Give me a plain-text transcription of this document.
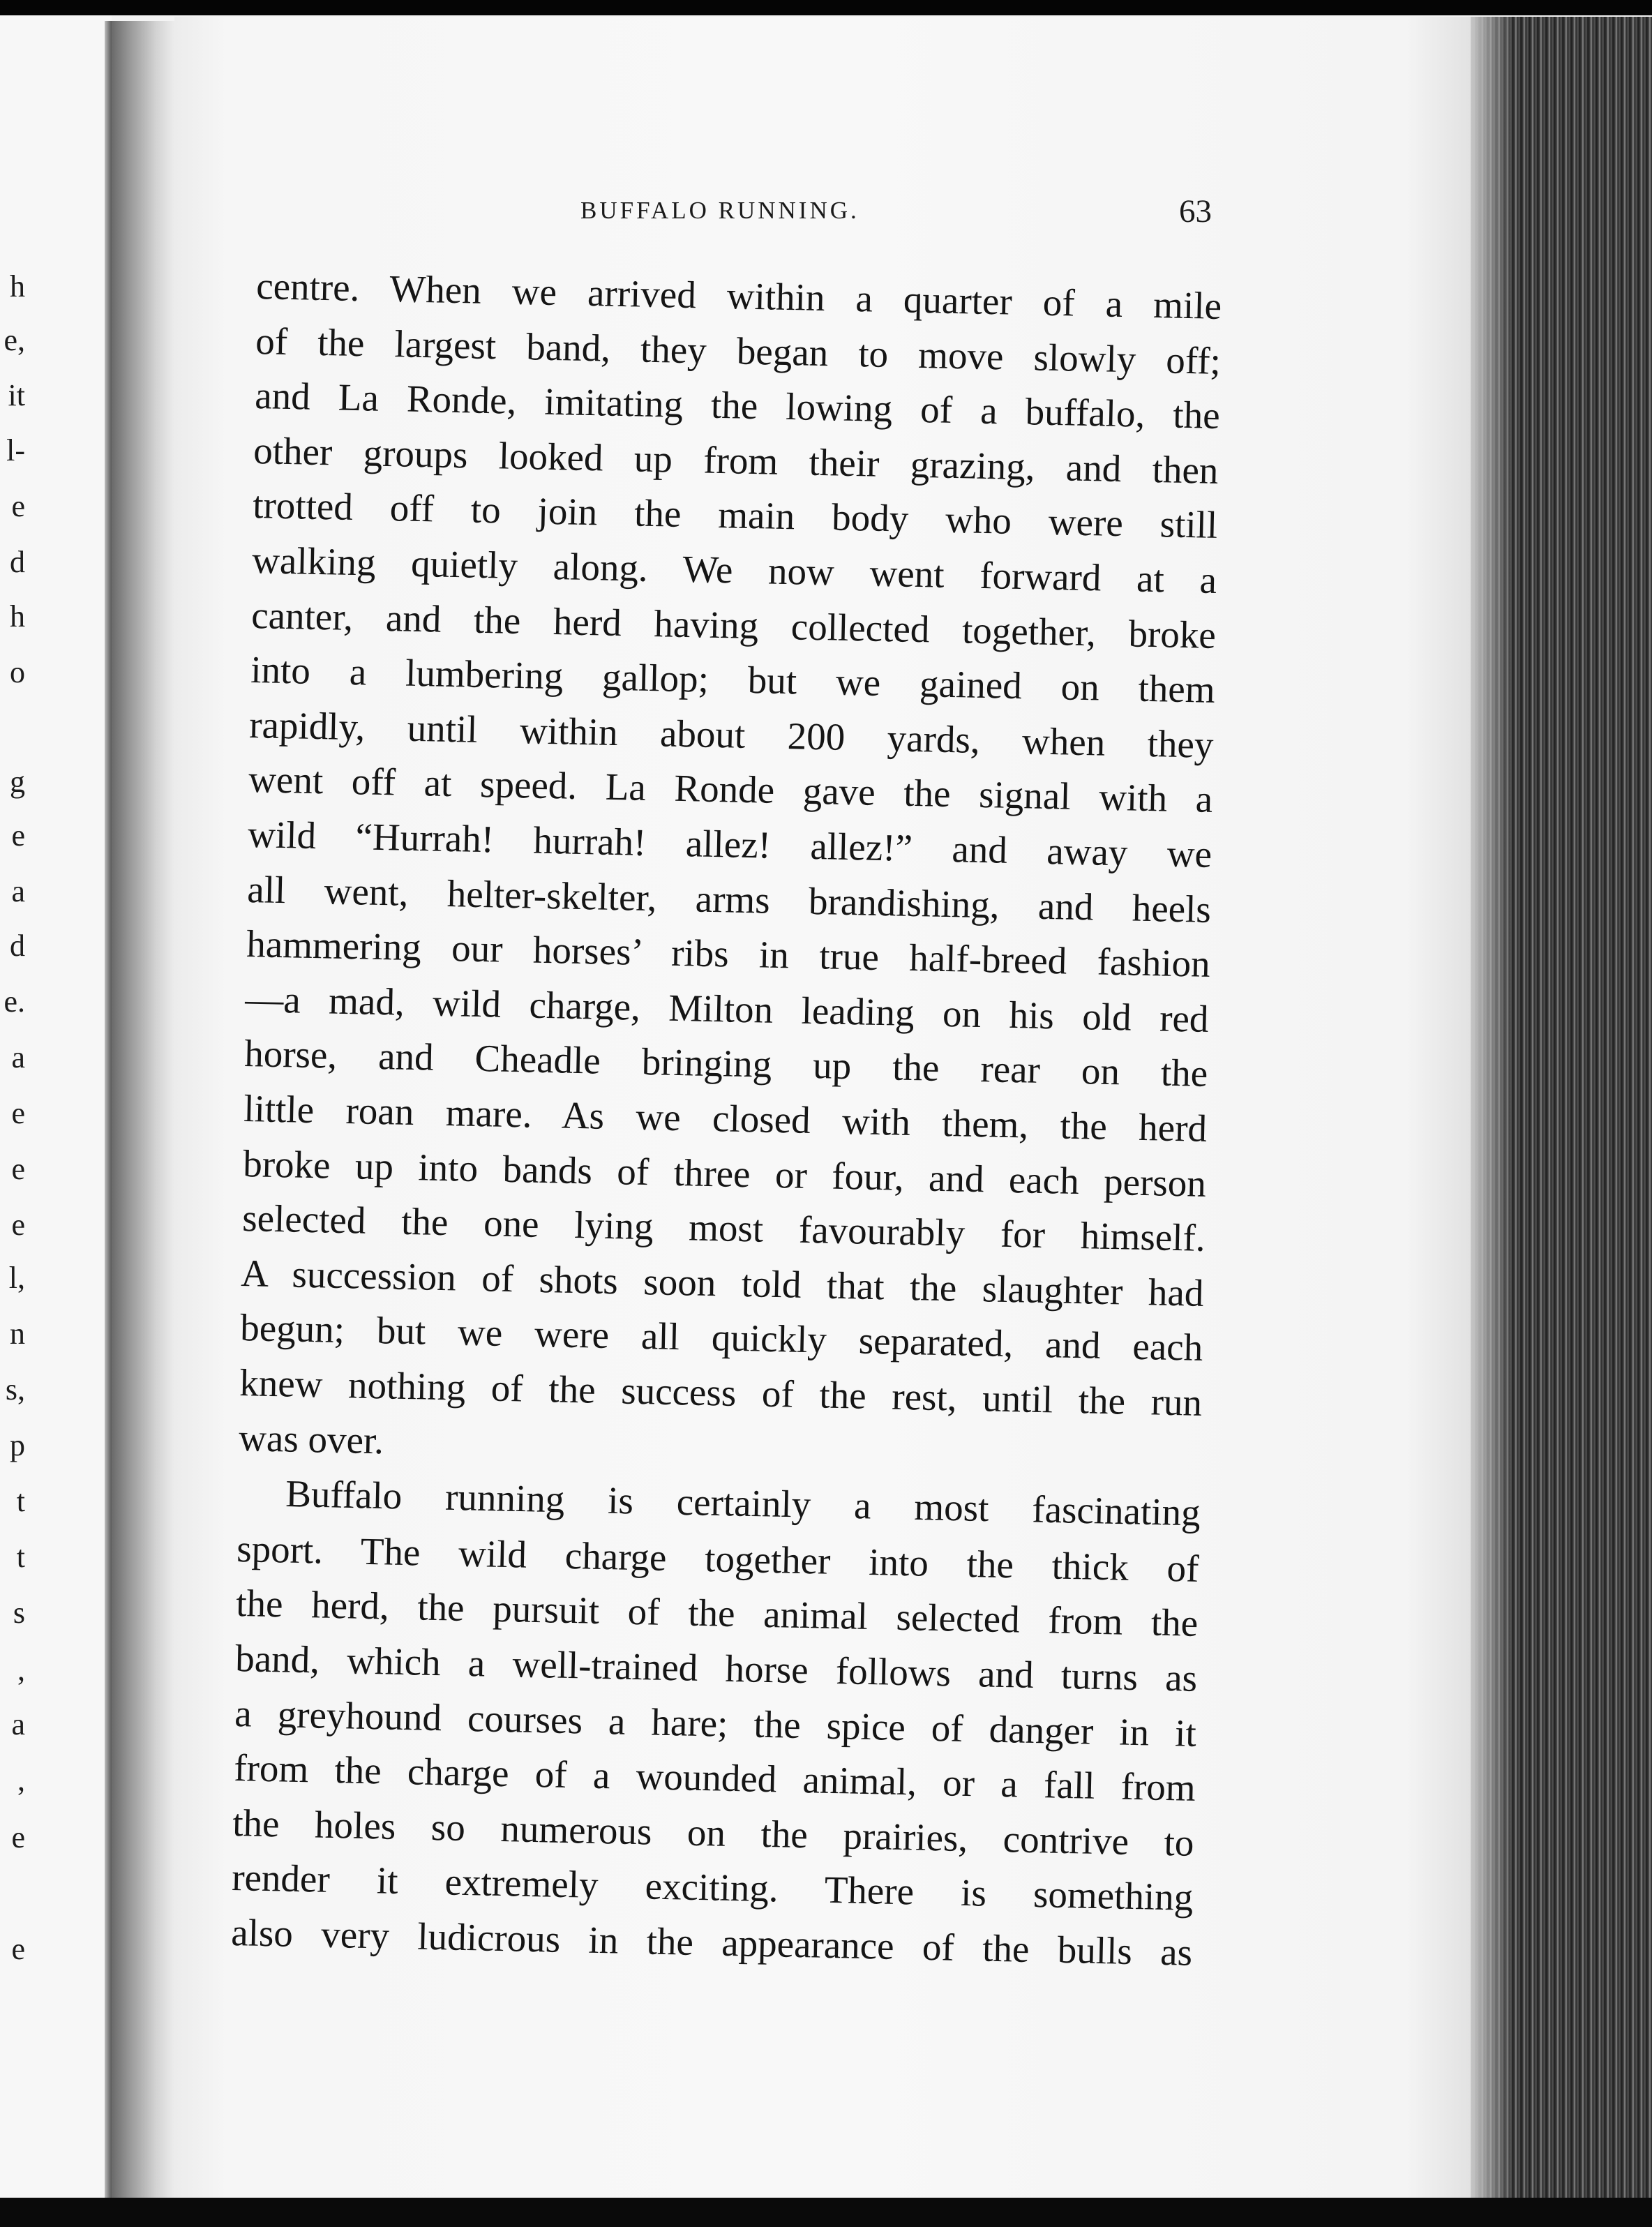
h
e,
it
l-
e
d
h
o
g
e
a
d
e.
a
e
e
e
l,
n
s,
p
t
t
s
,
a
,
e
e
BUFFALO RUNNING.	63
centre. When we arrived within a quarter of a mile
of the largest band, they began to move slowly off;
and La Ronde, imitating the lowing of a buffalo, the
other groups looked up from their grazing, and then
trotted off to join the main body who were still
walking quietly along. We now went forward at a
canter, and the herd having collected together, broke
into a lumbering gallop; but we gained on them
rapidly, until within about 200 yards, when they
went off at speed. La Ronde gave the signal with a
wild “Hurrah! hurrah! allez! allez!” and away we
all went, helter-skelter, arms brandishing, and heels
hammering our horses’ ribs in true half-breed fashion
—a mad, wild charge, Milton leading on his old red
horse, and Cheadle bringing up the rear on the
little roan mare. As we closed with them, the herd
broke up into bands of three or four, and each person
selected the one lying most favourably for himself.
A succession of shots soon told that the slaughter had
begun; but we were all quickly separated, and each
knew nothing of the success of the rest, until the run
was over.
Buffalo running is certainly a most fascinating
sport. The wild charge together into the thick of
the herd, the pursuit of the animal selected from the
band, which a well-trained horse follows and turns as
a greyhound courses a hare; the spice of danger in it
from the charge of a wounded animal, or a fall from
the holes so numerous on the prairies, contrive to
render it extremely exciting. There is something
also very ludicrous in the appearance of the bulls as
